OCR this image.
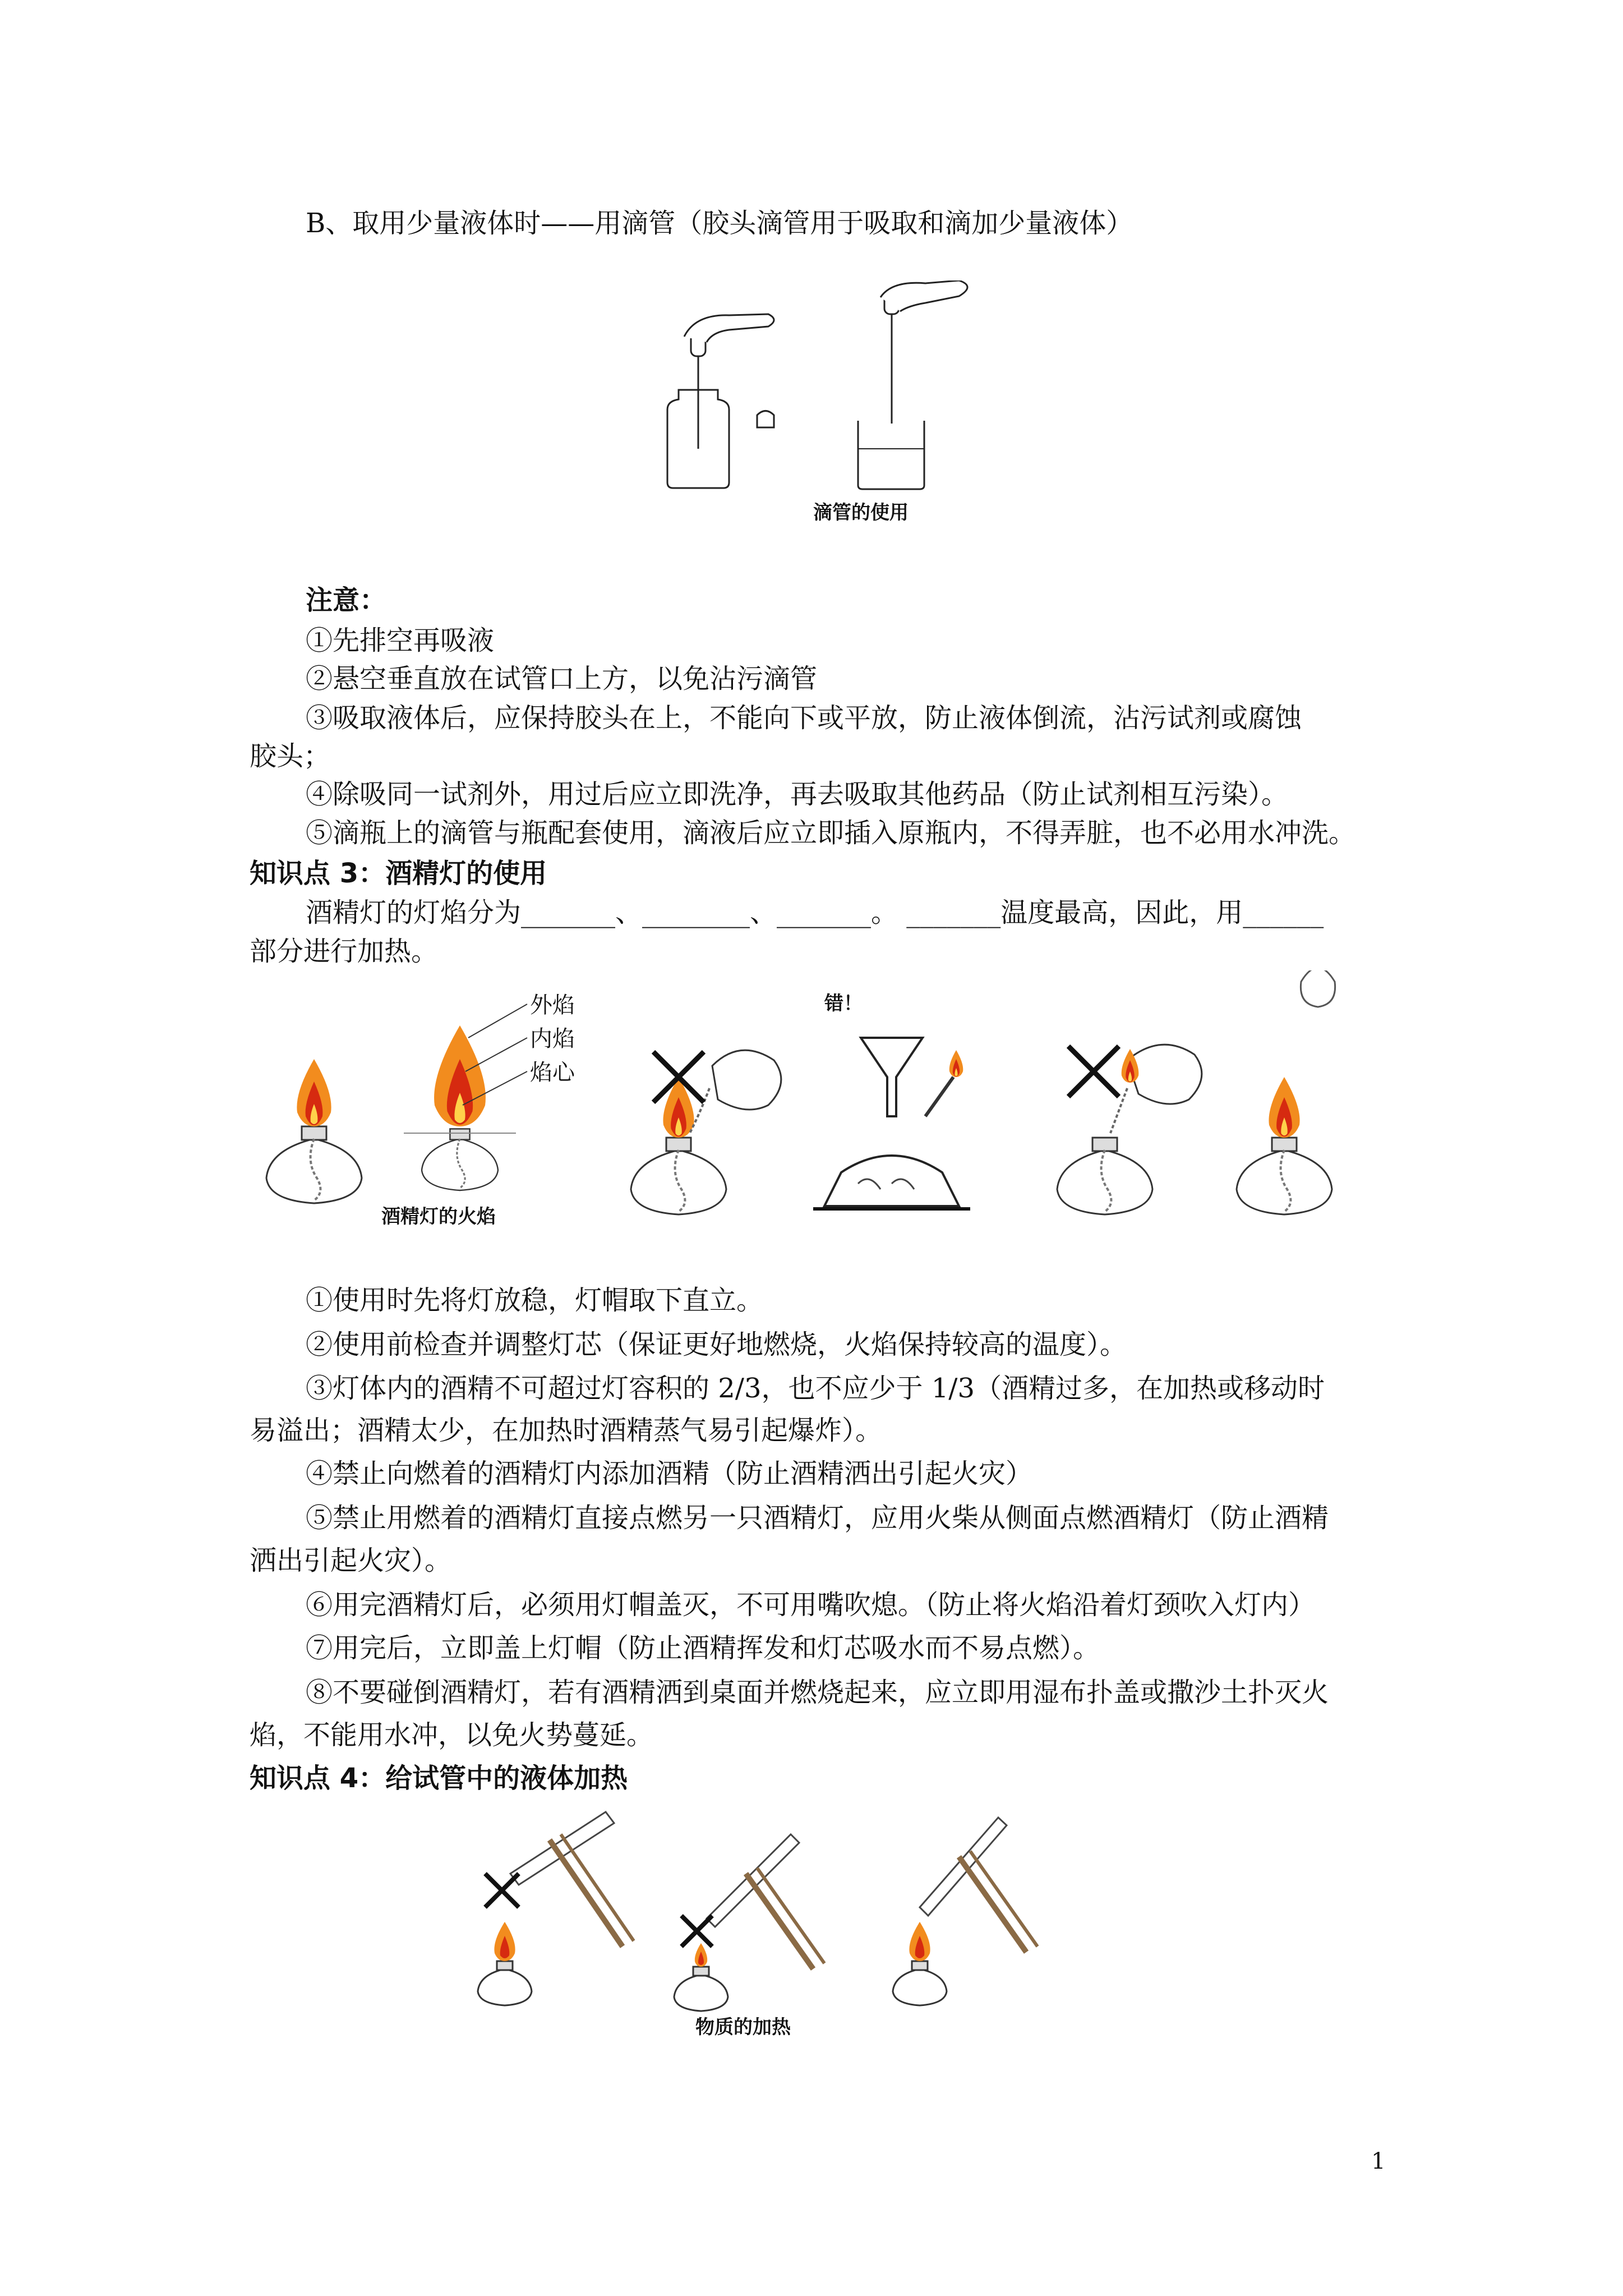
B、取用少量液体时——用滴管（胶头滴管用于吸取和滴加少量液体）
滴管的使用
注意：
①先排空再吸液
②悬空垂直放在试管口上方，以免沾污滴管
③吸取液体后，应保持胶头在上，不能向下或平放，防止液体倒流，沾污试剂或腐蚀
胶头；
④除吸同一试剂外，用过后应立即洗净，再去吸取其他药品（防止试剂相互污染）。
⑤滴瓶上的滴管与瓶配套使用，滴液后应立即插入原瓶内，不得弄脏，也不必用水冲洗。
知识点 3：酒精灯的使用
酒精灯的灯焰分为_______、________、_______。 _______温度最高，因此，用______
部分进行加热。
外焰
内焰
焰心
错！
酒精灯的火焰
①使用时先将灯放稳，灯帽取下直立。
②使用前检查并调整灯芯（保证更好地燃烧，火焰保持较高的温度）。
③灯体内的酒精不可超过灯容积的 2/3，也不应少于 1/3（酒精过多，在加热或移动时
易溢出；酒精太少，在加热时酒精蒸气易引起爆炸）。
④禁止向燃着的酒精灯内添加酒精（防止酒精洒出引起火灾）
⑤禁止用燃着的酒精灯直接点燃另一只酒精灯，应用火柴从侧面点燃酒精灯（防止酒精
洒出引起火灾）。
⑥用完酒精灯后，必须用灯帽盖灭，不可用嘴吹熄。（防止将火焰沿着灯颈吹入灯内）
⑦用完后，立即盖上灯帽（防止酒精挥发和灯芯吸水而不易点燃）。
⑧不要碰倒酒精灯，若有酒精洒到桌面并燃烧起来，应立即用湿布扑盖或撒沙土扑灭火
焰，不能用水冲，以免火势蔓延。
知识点 4：给试管中的液体加热
物质的加热
1
